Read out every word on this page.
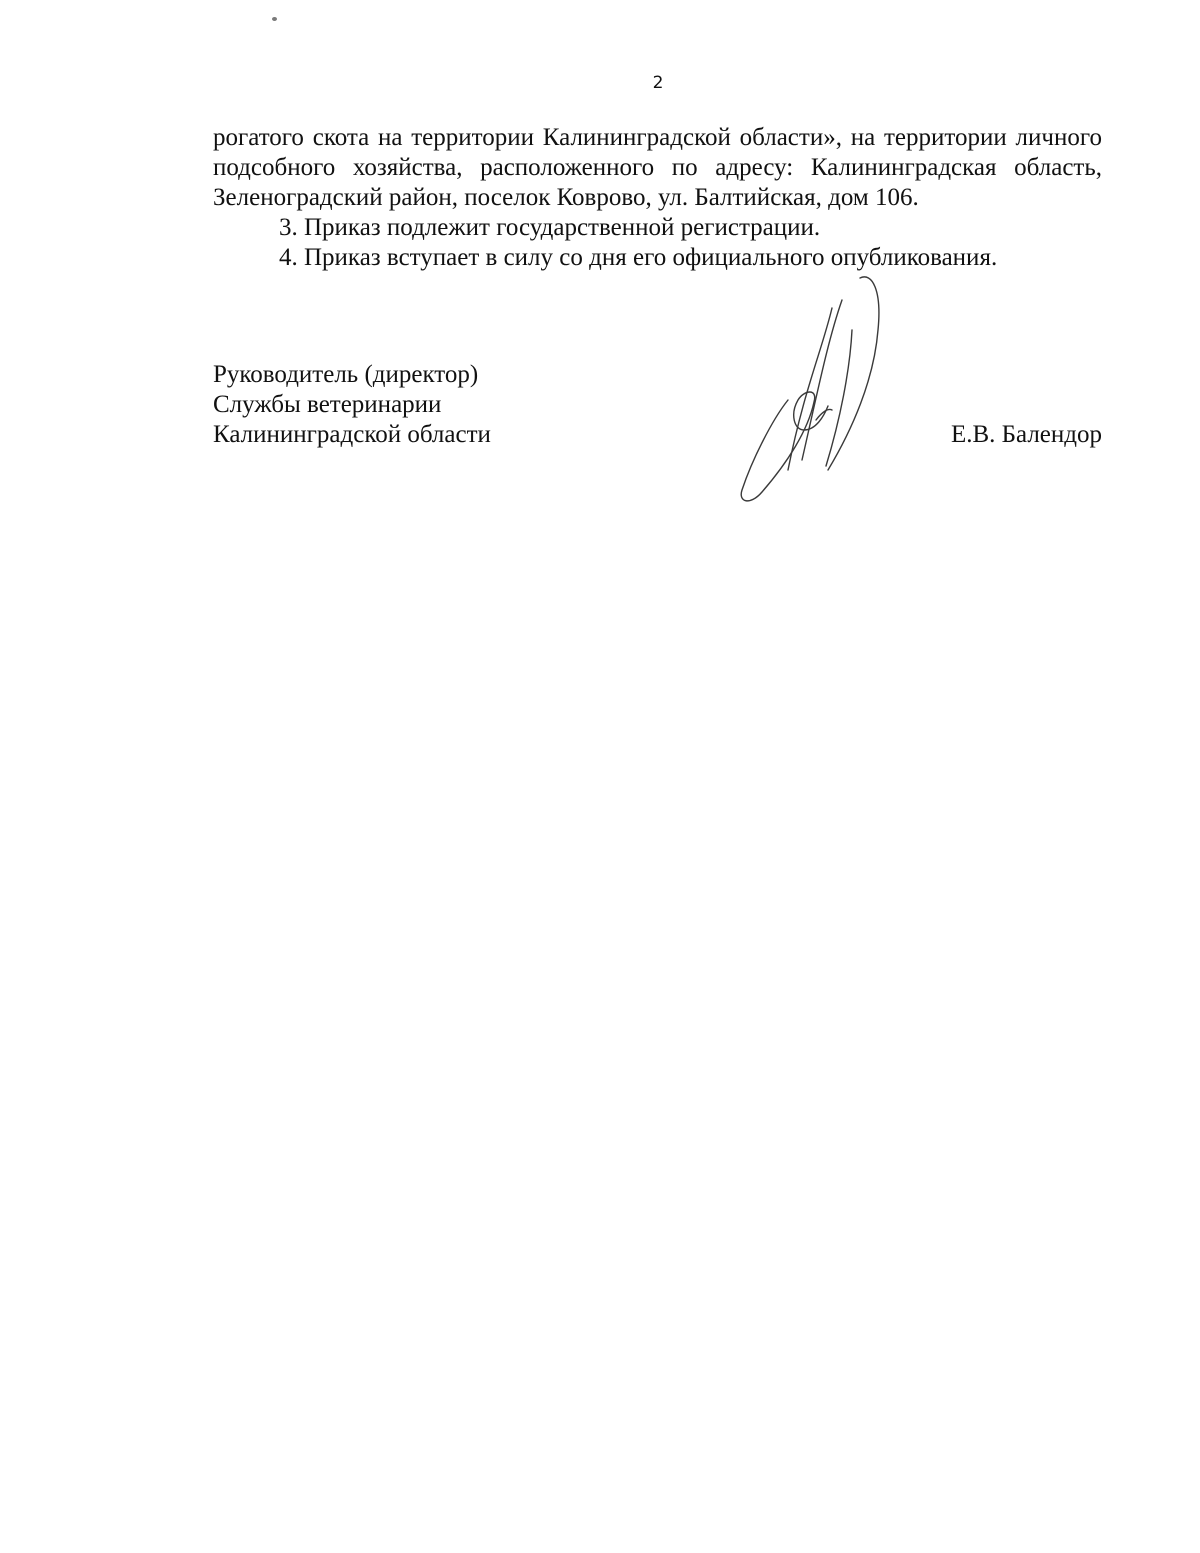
2

рогатого скота на территории Калининградской области», на территории личного подсобного хозяйства, расположенного по адресу: Калининградская область, Зеленоградский район, поселок Коврово, ул. Балтийская, дом 106.

3. Приказ подлежит государственной регистрации.

4. Приказ вступает в силу со дня его официального опубликования.

Руководитель (директор)
Службы ветеринарии
Калининградской области	Е.В. Балендор
